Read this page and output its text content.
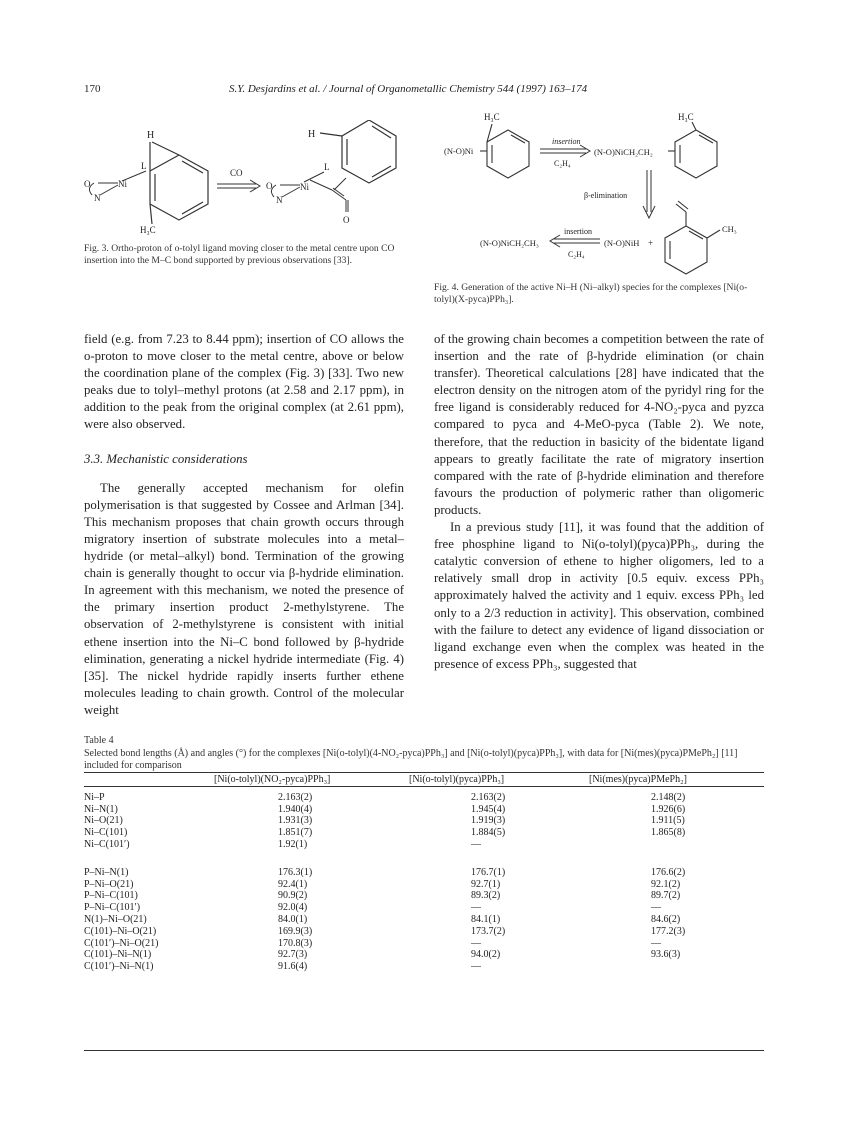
170	S.Y. Desjardins et al. / Journal of Organometallic Chemistry 544 (1997) 163–174
H
H₃C
O
N
Ni
L
CO
O
N
Ni
L
O
H
Fig. 3. Ortho-proton of o-tolyl ligand moving closer to the metal centre upon CO insertion into the M–C bond supported by previous observations [33].
H₃C	H₃C
(N-O)Ni
insertion
C₂H₄
(N-O)NiCH₂CH₂
β-elimination
(N-O)NiCH₂CH₃
insertion
C₂H₄
(N-O)NiH +
CH₃
Fig. 4. Generation of the active Ni–H (Ni–alkyl) species for the complexes [Ni(o-tolyl)(X-pyca)PPh₃].

field (e.g. from 7.23 to 8.44 ppm); insertion of CO allows the o-proton to move closer to the metal centre, above or below the coordination plane of the complex (Fig. 3) [33]. Two new peaks due to tolyl–methyl protons (at 2.58 and 2.17 ppm), in addition to the peak from the original complex (at 2.61 ppm), were also observed.

3.3. Mechanistic considerations

The generally accepted mechanism for olefin polymerisation is that suggested by Cossee and Arlman [34]. This mechanism proposes that chain growth occurs through migratory insertion of substrate molecules into a metal–hydride (or metal–alkyl) bond. Termination of the growing chain is generally thought to occur via β-hydride elimination. In agreement with this mechanism, we noted the presence of the primary insertion product 2-methylstyrene. The observation of 2-methylstyrene is consistent with initial ethene insertion into the Ni–C bond followed by β-hydride elimination, generating a nickel hydride intermediate (Fig. 4) [35]. The nickel hydride rapidly inserts further ethene molecules leading to chain growth. Control of the molecular weight

of the growing chain becomes a competition between the rate of insertion and the rate of β-hydride elimination (or chain transfer). Theoretical calculations [28] have indicated that the electron density on the nitrogen atom of the pyridyl ring for the free ligand is considerably reduced for 4-NO₂-pyca and pyzca compared to pyca and 4-MeO-pyca (Table 2). We note, therefore, that the reduction in basicity of the bidentate ligand appears to greatly facilitate the rate of migratory insertion compared with the rate of β-hydride elimination and therefore favours the production of polymeric rather than oligomeric products.

In a previous study [11], it was found that the addition of free phosphine ligand to Ni(o-tolyl)(pyca)PPh₃, during the catalytic conversion of ethene to higher oligomers, led to a relatively small drop in activity [0.5 equiv. excess PPh₃ approximately halved the activity and 1 equiv. excess PPh₃ led only to a 2/3 reduction in activity]. This observation, combined with the failure to detect any evidence of ligand dissociation or ligand exchange even when the complex was heated in the presence of excess PPh₃, suggested that

Table 4
Selected bond lengths (Å) and angles (°) for the complexes [Ni(o-tolyl)(4-NO₂-pyca)PPh₃] and [Ni(o-tolyl)(pyca)PPh₃], with data for [Ni(mes)(pyca)PMePh₂] [11] included for comparison
	[Ni(o-tolyl)(NO₂-pyca)PPh₃]	[Ni(o-tolyl)(pyca)PPh₃]	[Ni(mes)(pyca)PMePh₂]
Ni–P	2.163(2)	2.163(2)	2.148(2)
Ni–N(1)	1.940(4)	1.945(4)	1.926(6)
Ni–O(21)	1.931(3)	1.919(3)	1.911(5)
Ni–C(101)	1.851(7)	1.884(5)	1.865(8)
Ni–C(101′)	1.92(1)	—	
P–Ni–N(1)	176.3(1)	176.7(1)	176.6(2)
P–Ni–O(21)	92.4(1)	92.7(1)	92.1(2)
P–Ni–C(101)	90.9(2)	89.3(2)	89.7(2)
P–Ni–C(101′)	92.0(4)	—	—
N(1)–Ni–O(21)	84.0(1)	84.1(1)	84.6(2)
C(101)–Ni–O(21)	169.9(3)	173.7(2)	177.2(3)
C(101′)–Ni–O(21)	170.8(3)	—	—
C(101)–Ni–N(1)	92.7(3)	94.0(2)	93.6(3)
C(101′)–Ni–N(1)	91.6(4)	—	
